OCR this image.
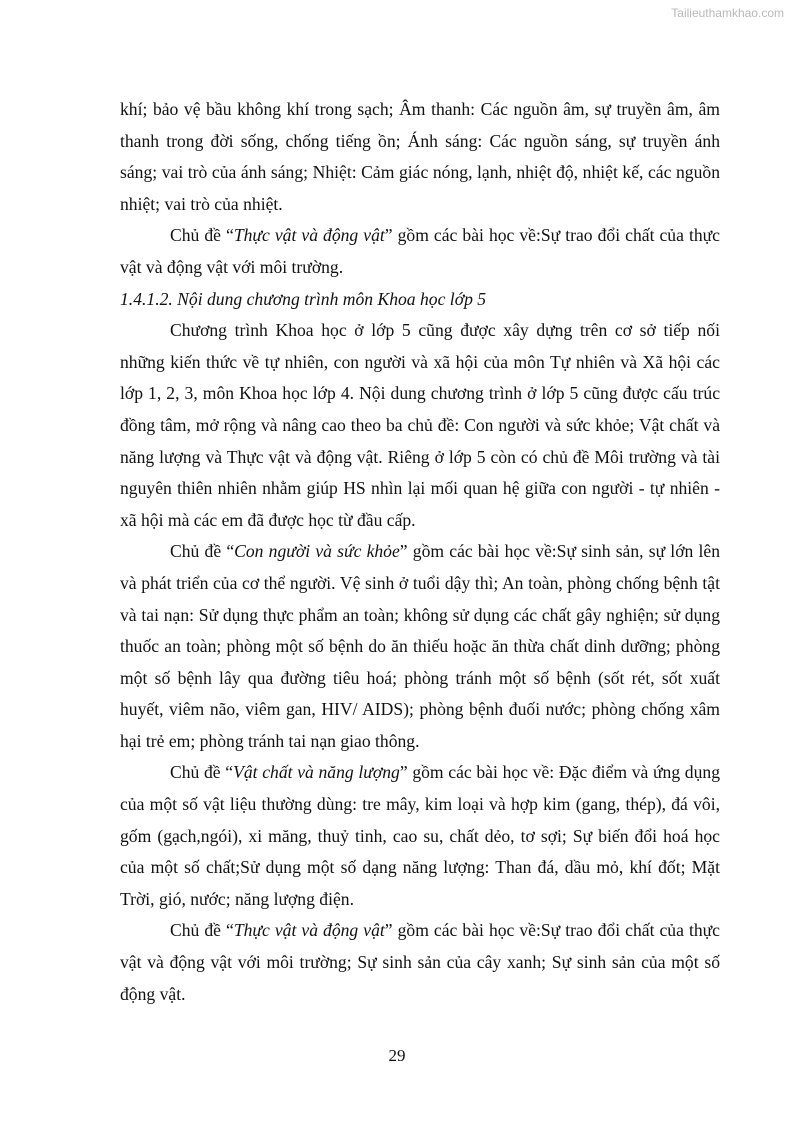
Tailieuthamkhao.com

khí; bảo vệ bầu không khí trong sạch; Âm thanh: Các nguồn âm, sự truyền âm, âm thanh trong đời sống, chống tiếng ồn; Ánh sáng: Các nguồn sáng, sự truyền ánh sáng; vai trò của ánh sáng; Nhiệt: Cảm giác nóng, lạnh, nhiệt độ, nhiệt kế, các nguồn nhiệt; vai trò của nhiệt.

Chủ đề “Thực vật và động vật” gồm các bài học về:Sự trao đổi chất của thực vật và động vật với môi trường.

1.4.1.2. Nội dung chương trình môn Khoa học lớp 5

Chương trình Khoa học ở lớp 5 cũng được xây dựng trên cơ sở tiếp nối những kiến thức về tự nhiên, con người và xã hội của môn Tự nhiên và Xã hội các lớp 1, 2, 3, môn Khoa học lớp 4. Nội dung chương trình ở lớp 5 cũng được cấu trúc đồng tâm, mở rộng và nâng cao theo ba chủ đề: Con người và sức khỏe; Vật chất và năng lượng và Thực vật và động vật. Riêng ở lớp 5 còn có chủ đề Môi trường và tài nguyên thiên nhiên nhằm giúp HS nhìn lại mối quan hệ giữa con người - tự nhiên - xã hội mà các em đã được học từ đầu cấp.

Chủ đề “Con người và sức khỏe” gồm các bài học về:Sự sinh sản, sự lớn lên và phát triển của cơ thể người. Vệ sinh ở tuổi dậy thì; An toàn, phòng chống bệnh tật và tai nạn: Sử dụng thực phẩm an toàn; không sử dụng các chất gây nghiện; sử dụng thuốc an toàn; phòng một số bệnh do ăn thiếu hoặc ăn thừa chất dinh dưỡng; phòng một số bệnh lây qua đường tiêu hoá; phòng tránh một số bệnh (sốt rét, sốt xuất huyết, viêm não, viêm gan, HIV/ AIDS); phòng bệnh đuối nước; phòng chống xâm hại trẻ em; phòng tránh tai nạn giao thông.

Chủ đề “Vật chất và năng lượng” gồm các bài học về: Đặc điểm và ứng dụng của một số vật liệu thường dùng: tre mây, kim loại và hợp kim (gang, thép), đá vôi, gốm (gạch,ngói), xi măng, thuỷ tinh, cao su, chất dẻo, tơ sợi; Sự biến đổi hoá học của một số chất;Sử dụng một số dạng năng lượng: Than đá, dầu mỏ, khí đốt; Mặt Trời, gió, nước; năng lượng điện.

Chủ đề “Thực vật và động vật” gồm các bài học về:Sự trao đổi chất của thực vật và động vật với môi trường; Sự sinh sản của cây xanh; Sự sinh sản của một số động vật.

29
